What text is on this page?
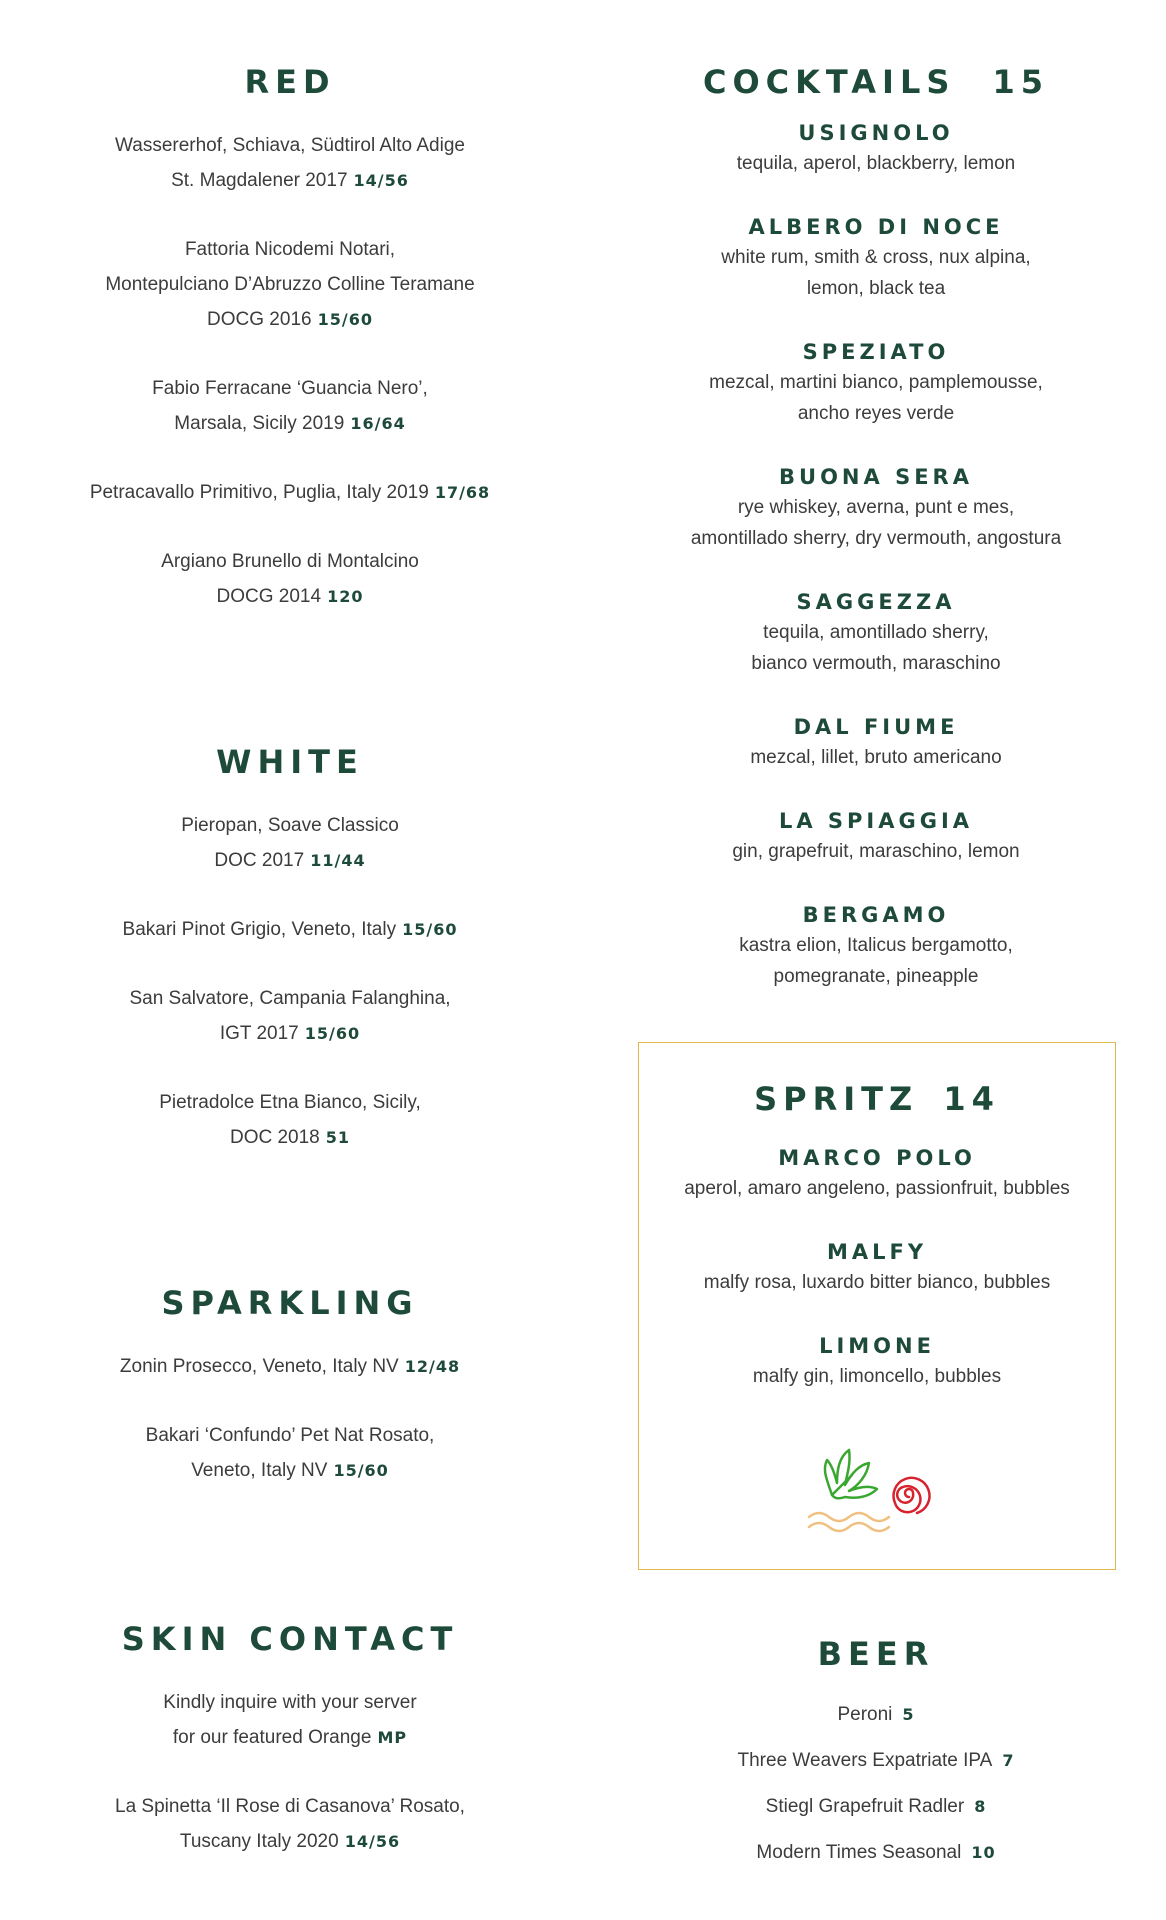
RED
Wassererhof, Schiava, Südtirol Alto Adige
St. Magdalener 2017 14/56
Fattoria Nicodemi Notari,
Montepulciano D’Abruzzo Colline Teramane
DOCG 2016 15/60
Fabio Ferracane ‘Guancia Nero’,
Marsala, Sicily 2019 16/64
Petracavallo Primitivo, Puglia, Italy 2019 17/68
Argiano Brunello di Montalcino
DOCG 2014 120
WHITE
Pieropan, Soave Classico
DOC 2017 11/44
Bakari Pinot Grigio, Veneto, Italy 15/60
San Salvatore, Campania Falanghina,
IGT 2017 15/60
Pietradolce Etna Bianco, Sicily,
DOC 2018 51
SPARKLING
Zonin Prosecco, Veneto, Italy NV 12/48
Bakari ‘Confundo’ Pet Nat Rosato,
Veneto, Italy NV 15/60
SKIN CONTACT
Kindly inquire with your server
for our featured Orange MP
La Spinetta ‘Il Rose di Casanova’ Rosato,
Tuscany Italy 2020 14/56
COCKTAILS 15
USIGNOLO
tequila, aperol, blackberry, lemon
ALBERO DI NOCE
white rum, smith & cross, nux alpina,
lemon, black tea
SPEZIATO
mezcal, martini bianco, pamplemousse,
ancho reyes verde
BUONA SERA
rye whiskey, averna, punt e mes,
amontillado sherry, dry vermouth, angostura
SAGGEZZA
tequila, amontillado sherry,
bianco vermouth, maraschino
DAL FIUME
mezcal, lillet, bruto americano
LA SPIAGGIA
gin, grapefruit, maraschino, lemon
BERGAMO
kastra elion, Italicus bergamotto,
pomegranate, pineapple
BEER
Peroni 5
Three Weavers Expatriate IPA 7
Stiegl Grapefruit Radler 8
Modern Times Seasonal 10
SPRITZ 14
MARCO POLO
aperol, amaro angeleno, passionfruit, bubbles
MALFY
malfy rosa, luxardo bitter bianco, bubbles
LIMONE
malfy gin, limoncello, bubbles
